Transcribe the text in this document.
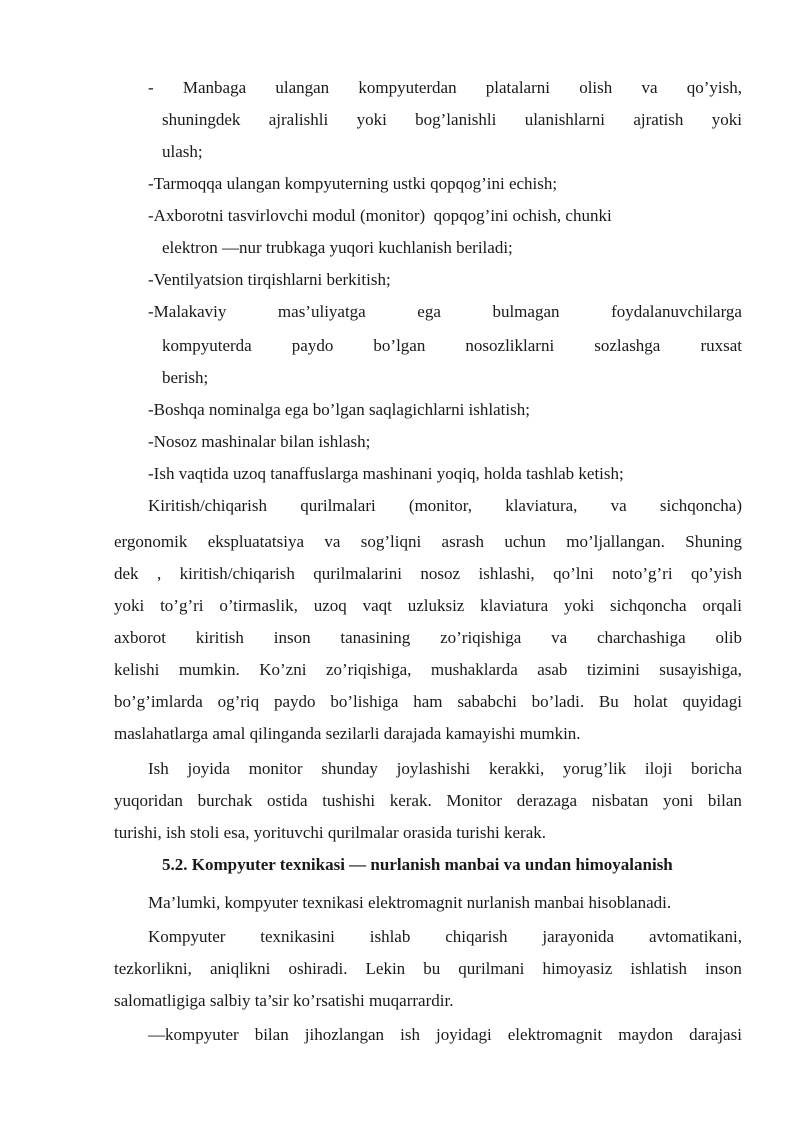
- Manbaga ulangan kompyuterdan platalarni olish va qo’yish,
shuningdek ajralishli yoki bog’lanishli ulanishlarni ajratish yoki
ulash;
-Tarmoqqa ulangan kompyuterning ustki qopqog’ini echish;
-Axborotni tasvirlovchi modul (monitor)  qopqog’ini ochish, chunki
elektron —nur trubkaga yuqori kuchlanish beriladi;
-Ventilyatsion tirqishlarni berkitish;
-Malakaviy	mas’uliyatga	ega	bulmagan	foydalanuvchilarga
kompyuterda paydo bo’lgan nosozliklarni sozlashga ruxsat
berish;
-Boshqa nominalga ega bo’lgan saqlagichlarni ishlatish;
-Nosoz mashinalar bilan ishlash;
-Ish vaqtida uzoq tanaffuslarga mashinani yoqiq, holda tashlab ketish;
Kiritish/chiqarish qurilmalari (monitor, klaviatura, va sichqoncha)
ergonomik ekspluatatsiya va sog’liqni asrash uchun mo’ljallangan. Shuning
dek , kiritish/chiqarish qurilmalarini nosoz ishlashi, qo’lni noto’g’ri qo’yish
yoki to’g’ri o’tirmaslik, uzoq vaqt uzluksiz klaviatura yoki sichqoncha orqali
axborot kiritish inson tanasining zo’riqishiga va charchashiga olib
kelishi mumkin. Ko’zni zo’riqishiga, mushaklarda asab tizimini susayishiga,
bo’g’imlarda og’riq paydo bo’lishiga ham sababchi bo’ladi. Bu holat quyidagi
maslahatlarga amal qilinganda sezilarli darajada kamayishi mumkin.
Ish joyida monitor shunday joylashishi kerakki, yorug’lik iloji boricha
yuqoridan burchak ostida tushishi kerak. Monitor derazaga nisbatan yoni bilan
turishi, ish stoli esa, yorituvchi qurilmalar orasida turishi kerak.
5.2. Kompyuter texnikasi — nurlanish manbai va undan himoyalanish
Ma’lumki, kompyuter texnikasi elektromagnit nurlanish manbai hisoblanadi.
Kompyuter texnikasini ishlab chiqarish jarayonida avtomatikani,
tezkorlikni, aniqlikni oshiradi. Lekin bu qurilmani himoyasiz ishlatish inson
salomatligiga salbiy ta’sir ko’rsatishi muqarrardir.
—kompyuter bilan jihozlangan ish joyidagi elektromagnit maydon darajasi
